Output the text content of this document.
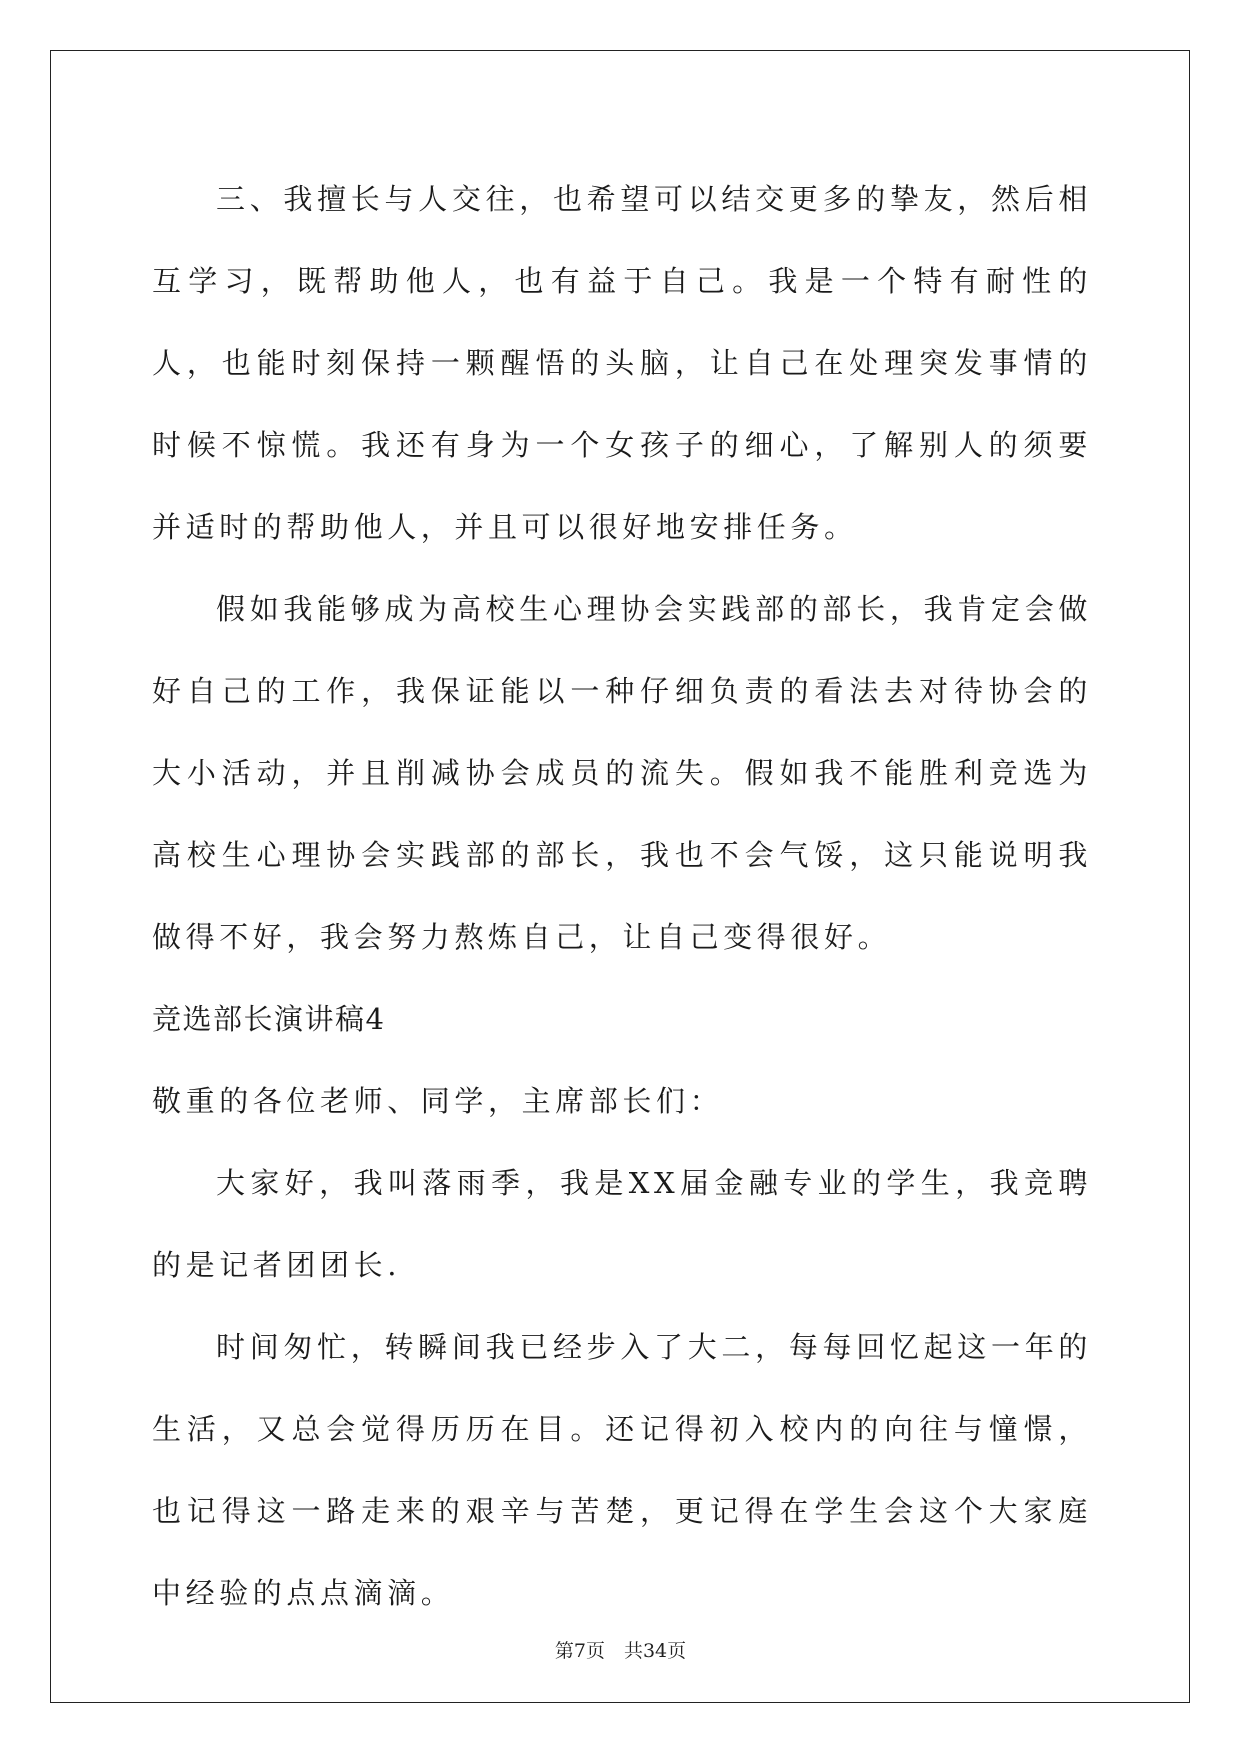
三、我擅长与人交往，也希望可以结交更多的挚友，然后相互学习，既帮助他人，也有益于自己。我是一个特有耐性的人，也能时刻保持一颗醒悟的头脑，让自己在处理突发事情的时候不惊慌。我还有身为一个女孩子的细心，了解别人的须要并适时的帮助他人，并且可以很好地安排任务。

假如我能够成为高校生心理协会实践部的部长，我肯定会做好自己的工作，我保证能以一种仔细负责的看法去对待协会的大小活动，并且削减协会成员的流失。假如我不能胜利竞选为高校生心理协会实践部的部长，我也不会气馁，这只能说明我做得不好，我会努力熬炼自己，让自己变得很好。

竞选部长演讲稿4

敬重的各位老师、同学，主席部长们：

大家好，我叫落雨季，我是XX届金融专业的学生，我竞聘的是记者团团长.

时间匆忙，转瞬间我已经步入了大二，每每回忆起这一年的生活，又总会觉得历历在目。还记得初入校内的向往与憧憬，也记得这一路走来的艰辛与苦楚，更记得在学生会这个大家庭中经验的点点滴滴。

第7页　共34页
